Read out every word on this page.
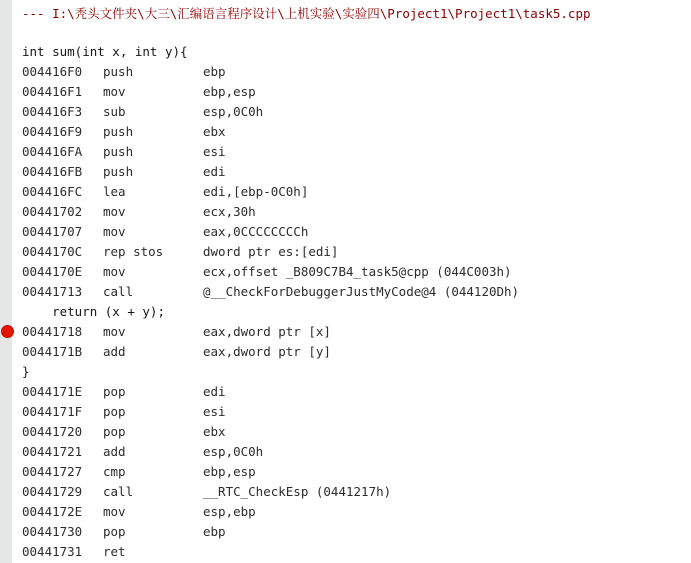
--- I:\秃头文件夹\大三\汇编语言程序设计\上机实验\实验四\Project1\Project1\task5.cpp
int sum(int x, int y){
004416F0 push	ebp
004416F1 mov	ebp,esp
004416F3 sub	esp,0C0h
004416F9 push	ebx
004416FA push	esi
004416FB push	edi
004416FC lea	edi,[ebp-0C0h]
00441702 mov	ecx,30h
00441707 mov	eax,0CCCCCCCCh
0044170C rep stos	dword ptr es:[edi]
0044170E mov	ecx,offset _B809C7B4_task5@cpp (044C003h)
00441713 call	@__CheckForDebuggerJustMyCode@4 (044120Dh)
return (x + y);
00441718 mov	eax,dword ptr [x]
0044171B add	eax,dword ptr [y]
}
0044171E pop	edi
0044171F pop	esi
00441720 pop	ebx
00441721 add	esp,0C0h
00441727 cmp	ebp,esp
00441729 call	__RTC_CheckEsp (0441217h)
0044172E mov	esp,ebp
00441730 pop	ebp
00441731 ret
